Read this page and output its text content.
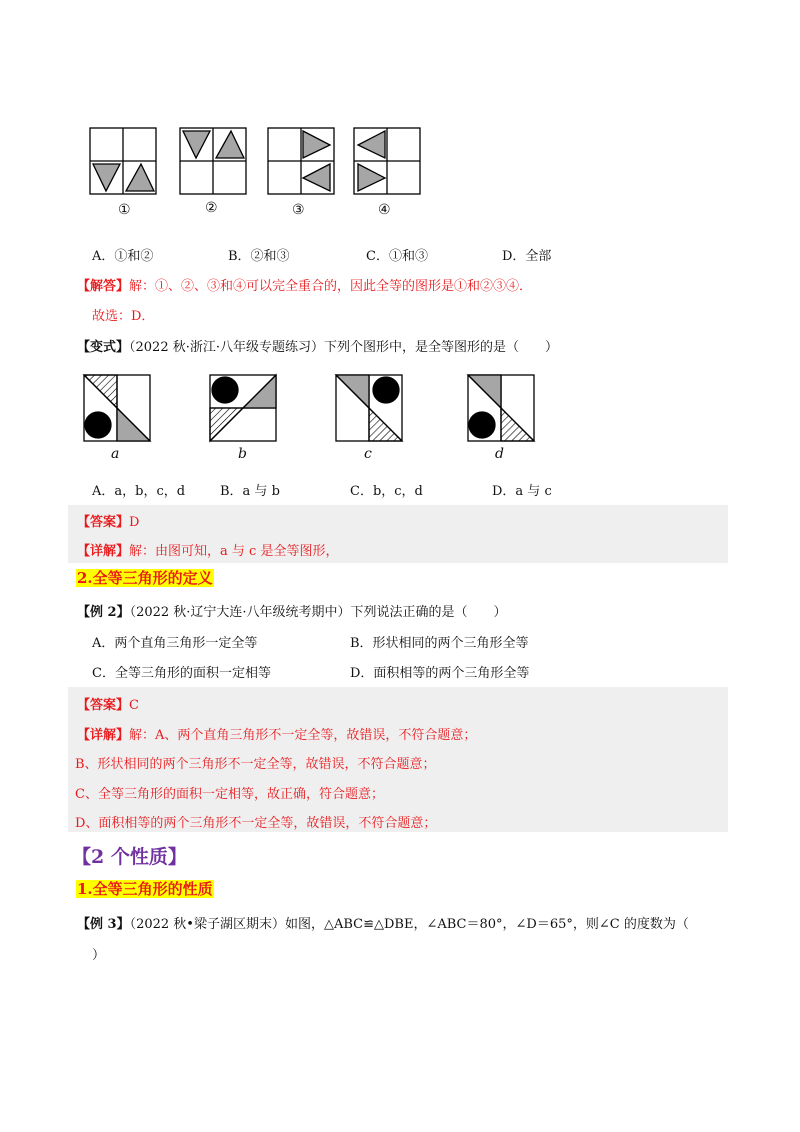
①	②	③	④
A．①和②	B．②和③	C．①和③	D．全部
【解答】解：①、②、③和④可以完全重合的，因此全等的图形是①和②③④．
故选：D．
【变式】（2022 秋·浙江·八年级专题练习）下列个图形中，是全等图形的是（　　）
a	b	c	d
A．a，b，c，d	B．a 与 b	C．b，c，d	D．a 与 c
【答案】D
【详解】解：由图可知，a 与 c 是全等图形，
2.全等三角形的定义
【例 2】（2022 秋·辽宁大连·八年级统考期中）下列说法正确的是（　　）
A．两个直角三角形一定全等	B．形状相同的两个三角形全等
C．全等三角形的面积一定相等	D．面积相等的两个三角形全等
【答案】C
【详解】解：A、两个直角三角形不一定全等，故错误，不符合题意；
B、形状相同的两个三角形不一定全等，故错误，不符合题意；
C、全等三角形的面积一定相等，故正确，符合题意；
D、面积相等的两个三角形不一定全等，故错误，不符合题意；
【2 个性质】
1.全等三角形的性质
【例 3】（2022 秋•梁子湖区期末）如图，△ABC≌△DBE，∠ABC＝80°，∠D＝65°，则∠C 的度数为（
）
